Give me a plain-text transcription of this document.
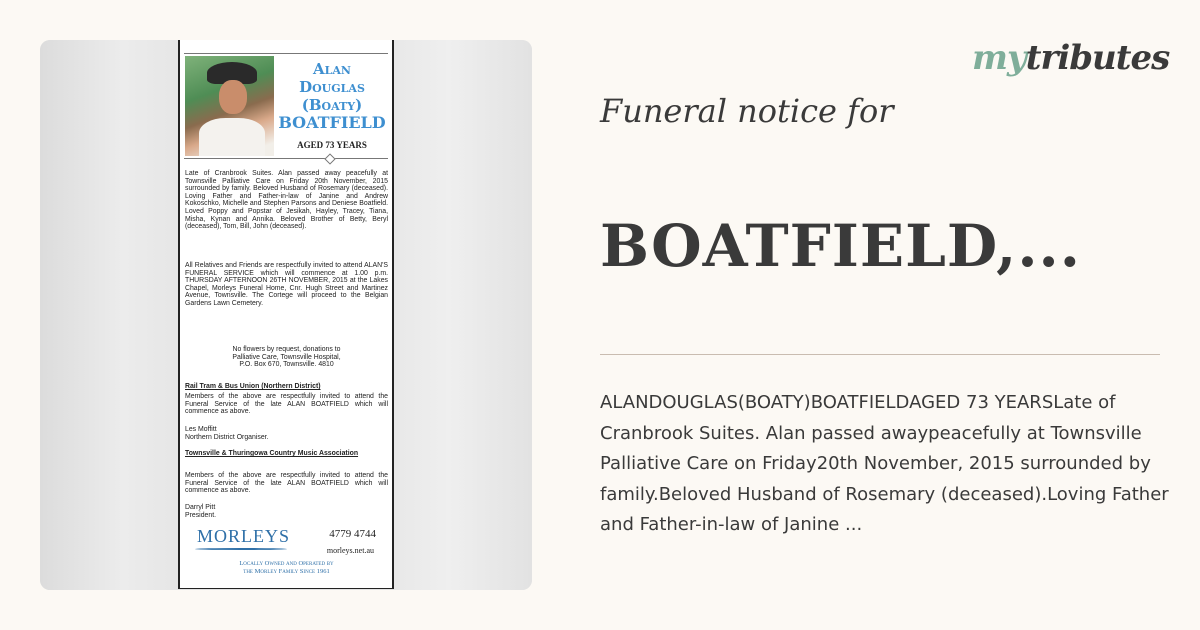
mytributes
Alan
Douglas
(Boaty)
BOATFIELD
AGED 73 YEARS
Late of Cranbrook Suites. Alan passed away peacefully at Townsville Palliative Care on Friday 20th November, 2015 surrounded by family. Beloved Husband of Rosemary (deceased). Loving Father and Father-in-law of Janine and Andrew Kokoschko, Michelle and Stephen Parsons and Deniese Boatfield. Loved Poppy and Popstar of Jesikah, Hayley, Tracey, Tiana, Misha, Kynan and Annika. Beloved Brother of Betty, Beryl (deceased), Tom, Bill, John (deceased).
All Relatives and Friends are respectfully invited to attend ALAN'S FUNERAL SERVICE which will commence at 1.00 p.m. THURSDAY AFTERNOON 26TH NOVEMBER, 2015 at the Lakes Chapel, Morleys Funeral Home, Cnr. Hugh Street and Martinez Avenue, Townsville. The Cortege will proceed to the Belgian Gardens Lawn Cemetery.
No flowers by request, donations to
Palliative Care, Townsville Hospital,
P.O. Box 670, Townsville. 4810
Rail Tram & Bus Union (Northern District)
Members of the above are respectfully invited to attend the Funeral Service of the late ALAN BOATFIELD which will commence as above.
Les Moffitt
Northern District Organiser.
Townsville & Thuringowa Country Music Association
Members of the above are respectfully invited to attend the Funeral Service of the late ALAN BOATFIELD which will commence as above.
Darryl Pitt
President.
MORLEYS	4779 4744
morleys.net.au
Locally Owned and Operated by
the Morley Family Since 1961
Funeral notice for
BOATFIELD,...
ALANDOUGLAS(BOATY)BOATFIELDAGED 73 YEARSLate of Cranbrook Suites. Alan passed awaypeacefully at Townsville Palliative Care on Friday20th November, 2015 surrounded by family.Beloved Husband of Rosemary (deceased).Loving Father and Father-in-law of Janine ...
